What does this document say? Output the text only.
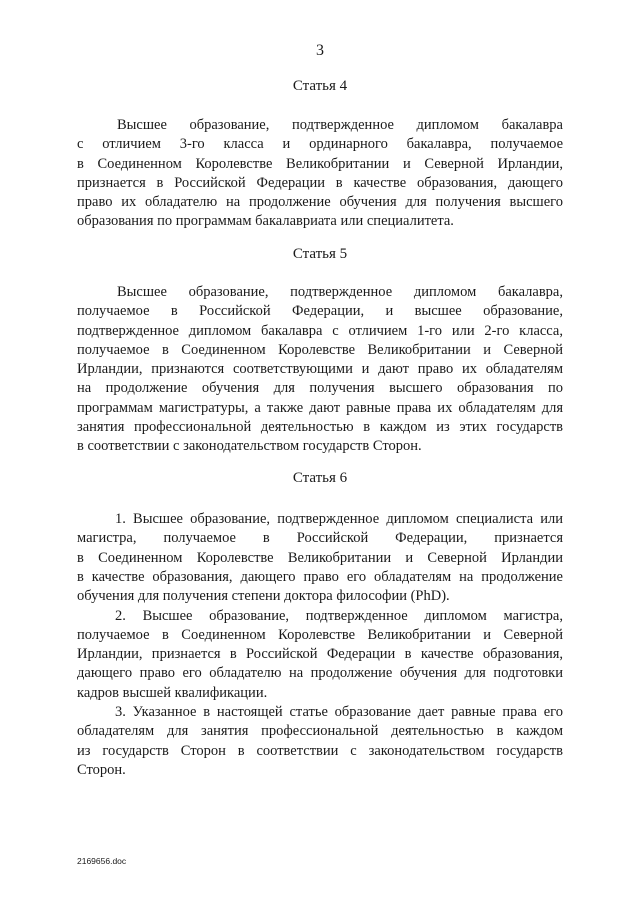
3
Статья 4
Высшее образование, подтвержденное дипломом бакалавра
с отличием 3-го класса и ординарного бакалавра, получаемое
в Соединенном Королевстве Великобритании и Северной Ирландии,
признается в Российской Федерации в качестве образования, дающего
право их обладателю на продолжение обучения для получения высшего
образования по программам бакалавриата или специалитета.
Статья 5
Высшее образование, подтвержденное дипломом бакалавра,
получаемое в Российской Федерации, и высшее образование,
подтвержденное дипломом бакалавра с отличием 1-го или 2-го класса,
получаемое в Соединенном Королевстве Великобритании и Северной
Ирландии, признаются соответствующими и дают право их обладателям
на продолжение обучения для получения высшего образования по
программам магистратуры, а также дают равные права их обладателям для
занятия профессиональной деятельностью в каждом из этих государств
в соответствии с законодательством государств Сторон.
Статья 6
1. Высшее образование, подтвержденное дипломом специалиста или
магистра, получаемое в Российской Федерации, признается
в Соединенном Королевстве Великобритании и Северной Ирландии
в качестве образования, дающего право его обладателям на продолжение
обучения для получения степени доктора философии (PhD).
2. Высшее образование, подтвержденное дипломом магистра,
получаемое в Соединенном Королевстве Великобритании и Северной
Ирландии, признается в Российской Федерации в качестве образования,
дающего право его обладателю на продолжение обучения для подготовки
кадров высшей квалификации.
3. Указанное в настоящей статье образование дает равные права его
обладателям для занятия профессиональной деятельностью в каждом
из государств Сторон в соответствии с законодательством государств
Сторон.
2169656.doc
